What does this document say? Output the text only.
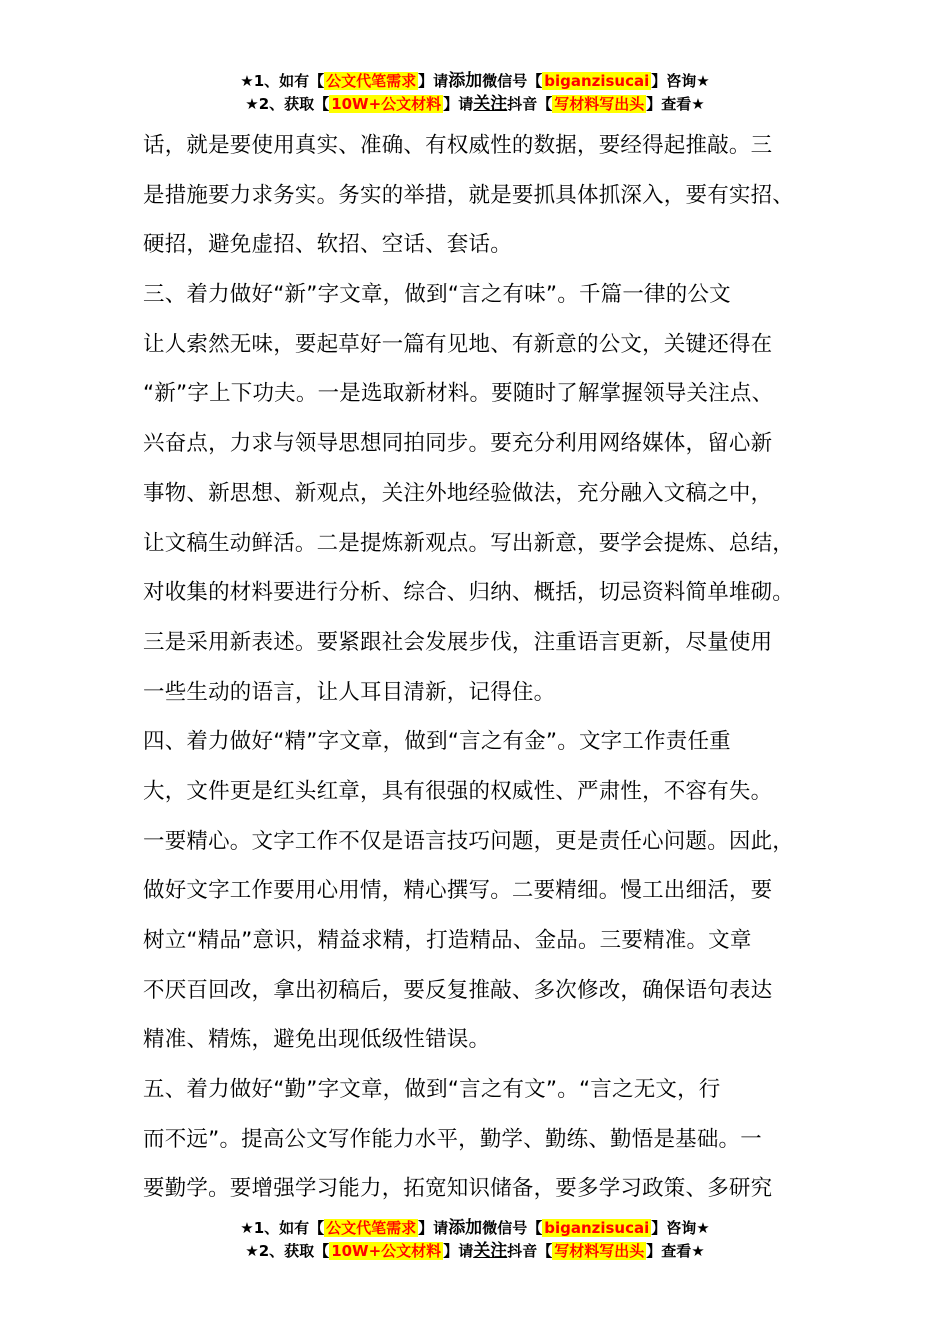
★1、如有【 公文代笔需求 】请添加微信号【 biganzisucai 】咨询★
★2、获取【 10W+公文材料 】请关注抖音【 写材料写出头 】查看★
话，就是要使用真实、准确、有权威性的数据，要经得起推敲。三
是措施要力求务实。务实的举措，就是要抓具体抓深入，要有实招、
硬招，避免虚招、软招、空话、套话。
三、着力做好“新”字文章，做到“言之有味”。千篇一律的公文
让人索然无味，要起草好一篇有见地、有新意的公文，关键还得在
“新”字上下功夫。一是选取新材料。要随时了解掌握领导关注点、
兴奋点，力求与领导思想同拍同步。要充分利用网络媒体，留心新
事物、新思想、新观点，关注外地经验做法，充分融入文稿之中，
让文稿生动鲜活。二是提炼新观点。写出新意，要学会提炼、总结，
对收集的材料要进行分析、综合、归纳、概括，切忌资料简单堆砌。
三是采用新表述。要紧跟社会发展步伐，注重语言更新，尽量使用
一些生动的语言，让人耳目清新，记得住。
四、着力做好“精”字文章，做到“言之有金”。文字工作责任重
大，文件更是红头红章，具有很强的权威性、严肃性，不容有失。
一要精心。文字工作不仅是语言技巧问题，更是责任心问题。因此，
做好文字工作要用心用情，精心撰写。二要精细。慢工出细活，要
树立“精品”意识，精益求精，打造精品、金品。三要精准。文章
不厌百回改，拿出初稿后，要反复推敲、多次修改，确保语句表达
精准、精炼，避免出现低级性错误。
五、着力做好“勤”字文章，做到“言之有文”。“言之无文，行
而不远”。提高公文写作能力水平，勤学、勤练、勤悟是基础。一
要勤学。要增强学习能力，拓宽知识储备，要多学习政策、多研究
★1、如有【 公文代笔需求 】请添加微信号【 biganzisucai 】咨询★
★2、获取【 10W+公文材料 】请关注抖音【 写材料写出头 】查看★
